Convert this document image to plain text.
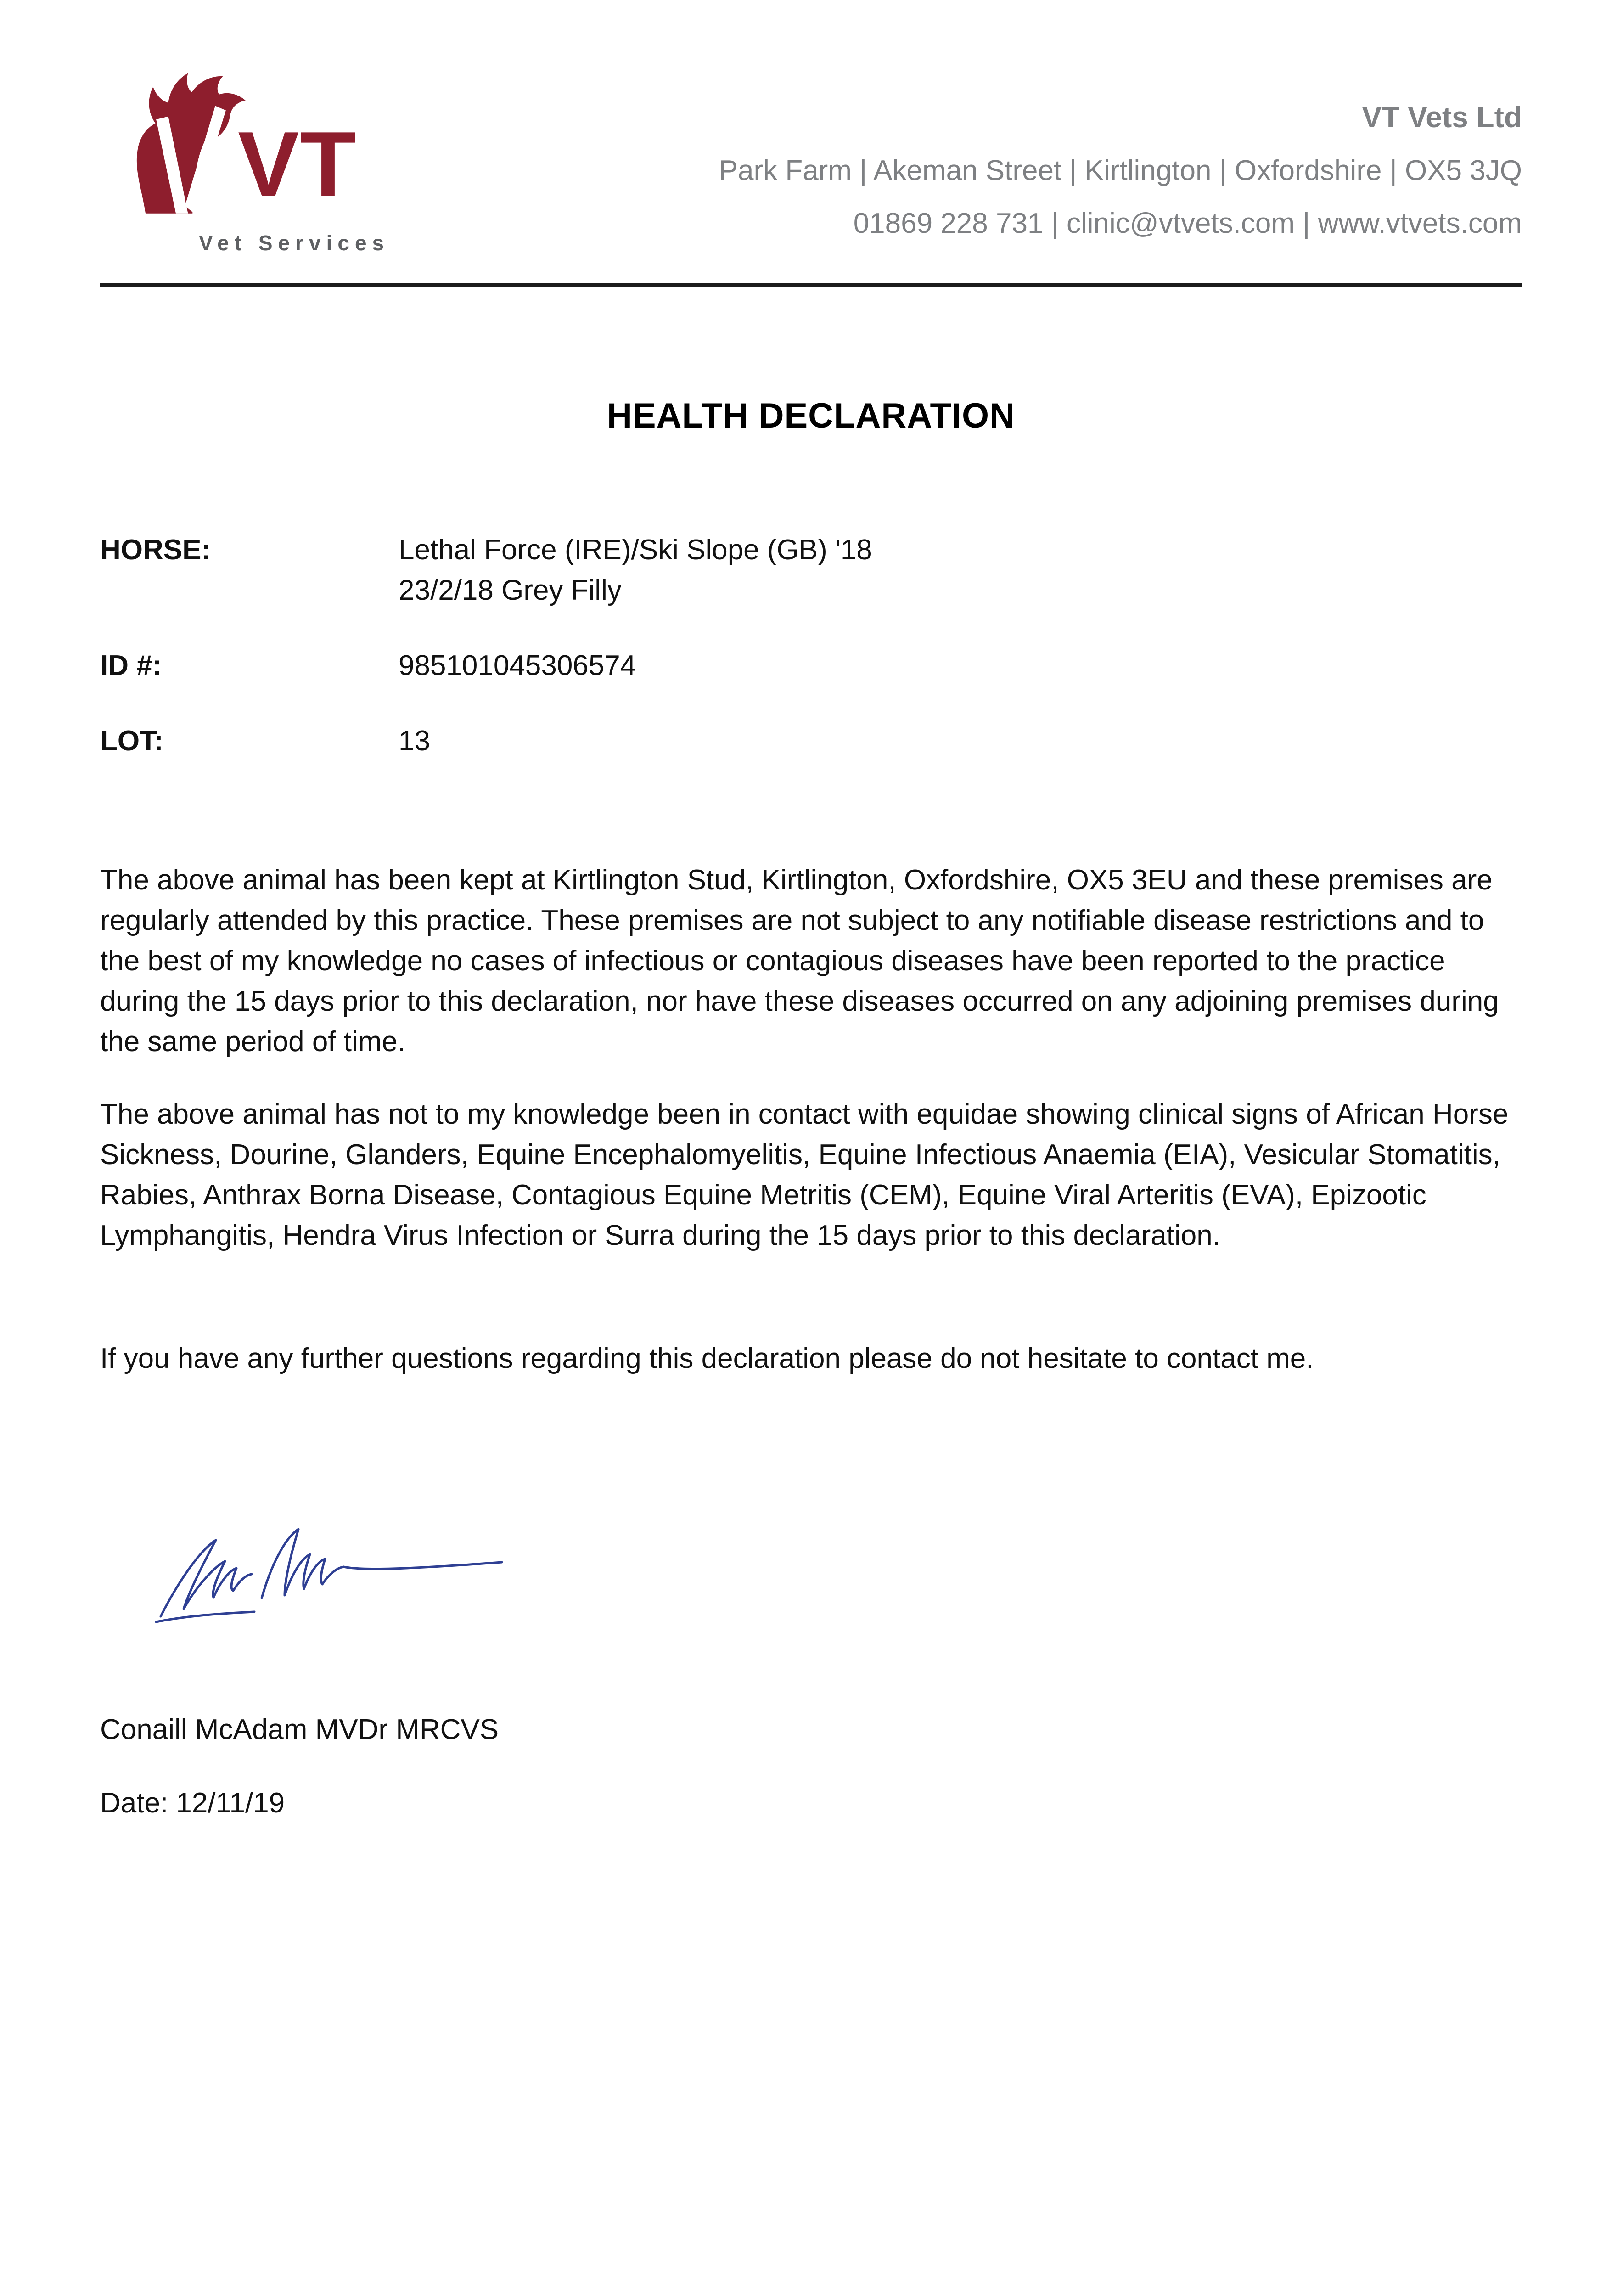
VT
Vet Services
VT Vets Ltd
Park Farm | Akeman Street | Kirtlington | Oxfordshire | OX5 3JQ
01869 228 731 | clinic@vtvets.com | www.vtvets.com
HEALTH DECLARATION
HORSE:	Lethal Force (IRE)/Ski Slope (GB) '18
23/2/18 Grey Filly
ID #:	985101045306574
LOT:	13

The above animal has been kept at Kirtlington Stud, Kirtlington, Oxfordshire, OX5 3EU and these premises are regularly attended by this practice. These premises are not subject to any notifiable disease restrictions and to the best of my knowledge no cases of infectious or contagious diseases have been reported to the practice during the 15 days prior to this declaration, nor have these diseases occurred on any adjoining premises during the same period of time.

The above animal has not to my knowledge been in contact with equidae showing clinical signs of African Horse Sickness, Dourine, Glanders, Equine Encephalomyelitis, Equine Infectious Anaemia (EIA), Vesicular Stomatitis, Rabies, Anthrax Borna Disease, Contagious Equine Metritis (CEM), Equine Viral Arteritis (EVA), Epizootic Lymphangitis, Hendra Virus Infection or Surra during the 15 days prior to this declaration.

If you have any further questions regarding this declaration please do not hesitate to contact me.

Conaill McAdam MVDr MRCVS
Date: 12/11/19
